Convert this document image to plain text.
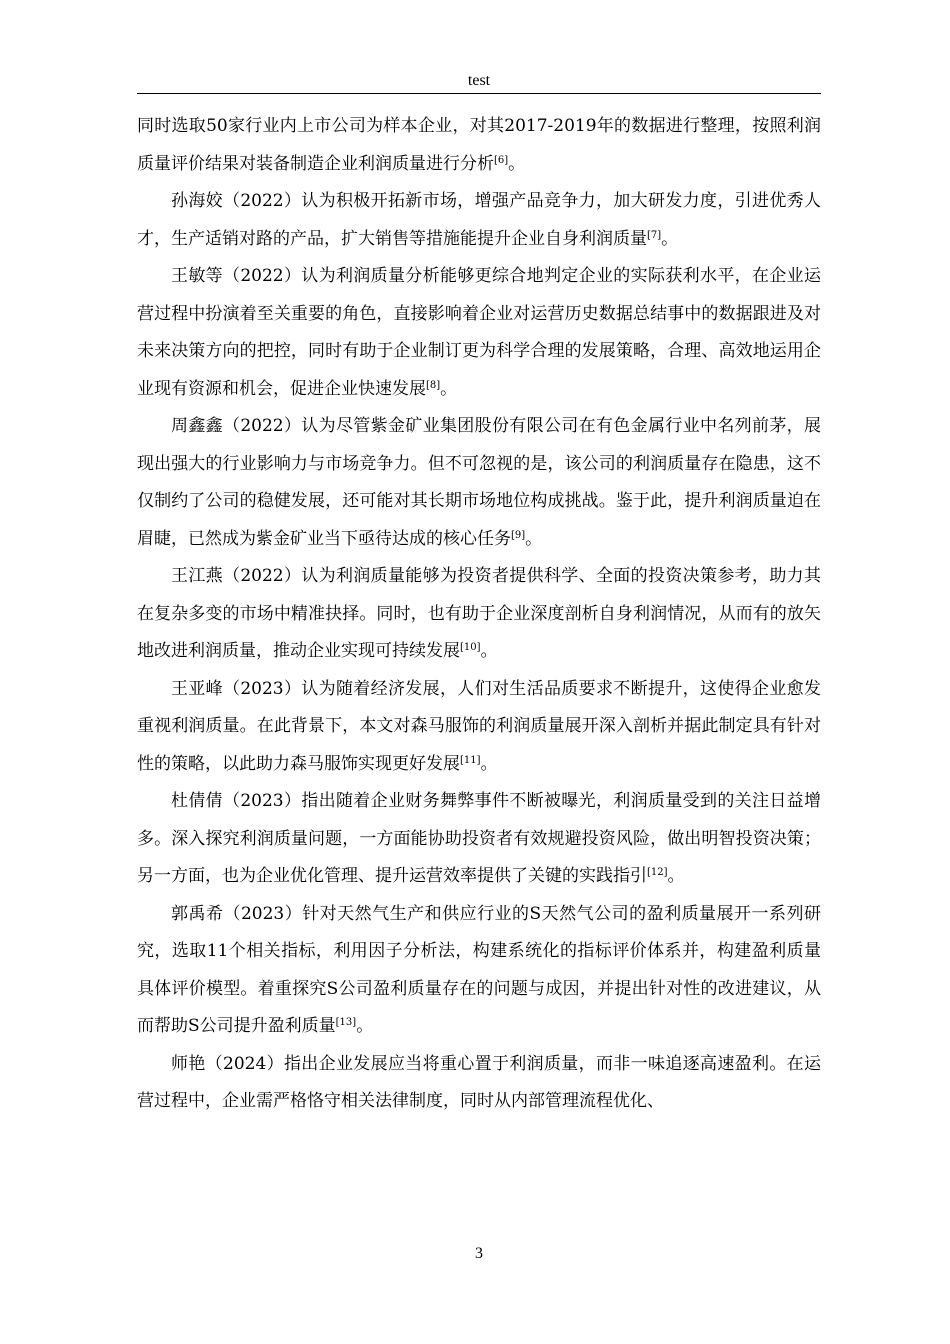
test

同时选取50家行业内上市公司为样本企业，对其2017-2019年的数据进行整理，按照利润质量评价结果对装备制造企业利润质量进行分析[6]。

孙海姣（2022）认为积极开拓新市场，增强产品竞争力，加大研发力度，引进优秀人才，生产适销对路的产品，扩大销售等措施能提升企业自身利润质量[7]。

王敏等（2022）认为利润质量分析能够更综合地判定企业的实际获利水平，在企业运营过程中扮演着至关重要的角色，直接影响着企业对运营历史数据总结事中的数据跟进及对未来决策方向的把控，同时有助于企业制订更为科学合理的发展策略，合理、高效地运用企业现有资源和机会，促进企业快速发展[8]。

周鑫鑫（2022）认为尽管紫金矿业集团股份有限公司在有色金属行业中名列前茅，展现出强大的行业影响力与市场竞争力。但不可忽视的是，该公司的利润质量存在隐患，这不仅制约了公司的稳健发展，还可能对其长期市场地位构成挑战。鉴于此，提升利润质量迫在眉睫，已然成为紫金矿业当下亟待达成的核心任务[9]。

王江燕（2022）认为利润质量能够为投资者提供科学、全面的投资决策参考，助力其在复杂多变的市场中精准抉择。同时，也有助于企业深度剖析自身利润情况，从而有的放矢地改进利润质量，推动企业实现可持续发展[10]。

王亚峰（2023）认为随着经济发展，人们对生活品质要求不断提升，这使得企业愈发重视利润质量。在此背景下，本文对森马服饰的利润质量展开深入剖析并据此制定具有针对性的策略，以此助力森马服饰实现更好发展[11]。

杜倩倩（2023）指出随着企业财务舞弊事件不断被曝光，利润质量受到的关注日益增多。深入探究利润质量问题，一方面能协助投资者有效规避投资风险，做出明智投资决策；另一方面，也为企业优化管理、提升运营效率提供了关键的实践指引[12]。

郭禹希（2023）针对天然气生产和供应行业的S天然气公司的盈利质量展开一系列研究，选取11个相关指标，利用因子分析法，构建系统化的指标评价体系并，构建盈利质量具体评价模型。着重探究S公司盈利质量存在的问题与成因，并提出针对性的改进建议，从而帮助S公司提升盈利质量[13]。

师艳（2024）指出企业发展应当将重心置于利润质量，而非一味追逐高速盈利。在运营过程中，企业需严格恪守相关法律制度，同时从内部管理流程优化、

3
